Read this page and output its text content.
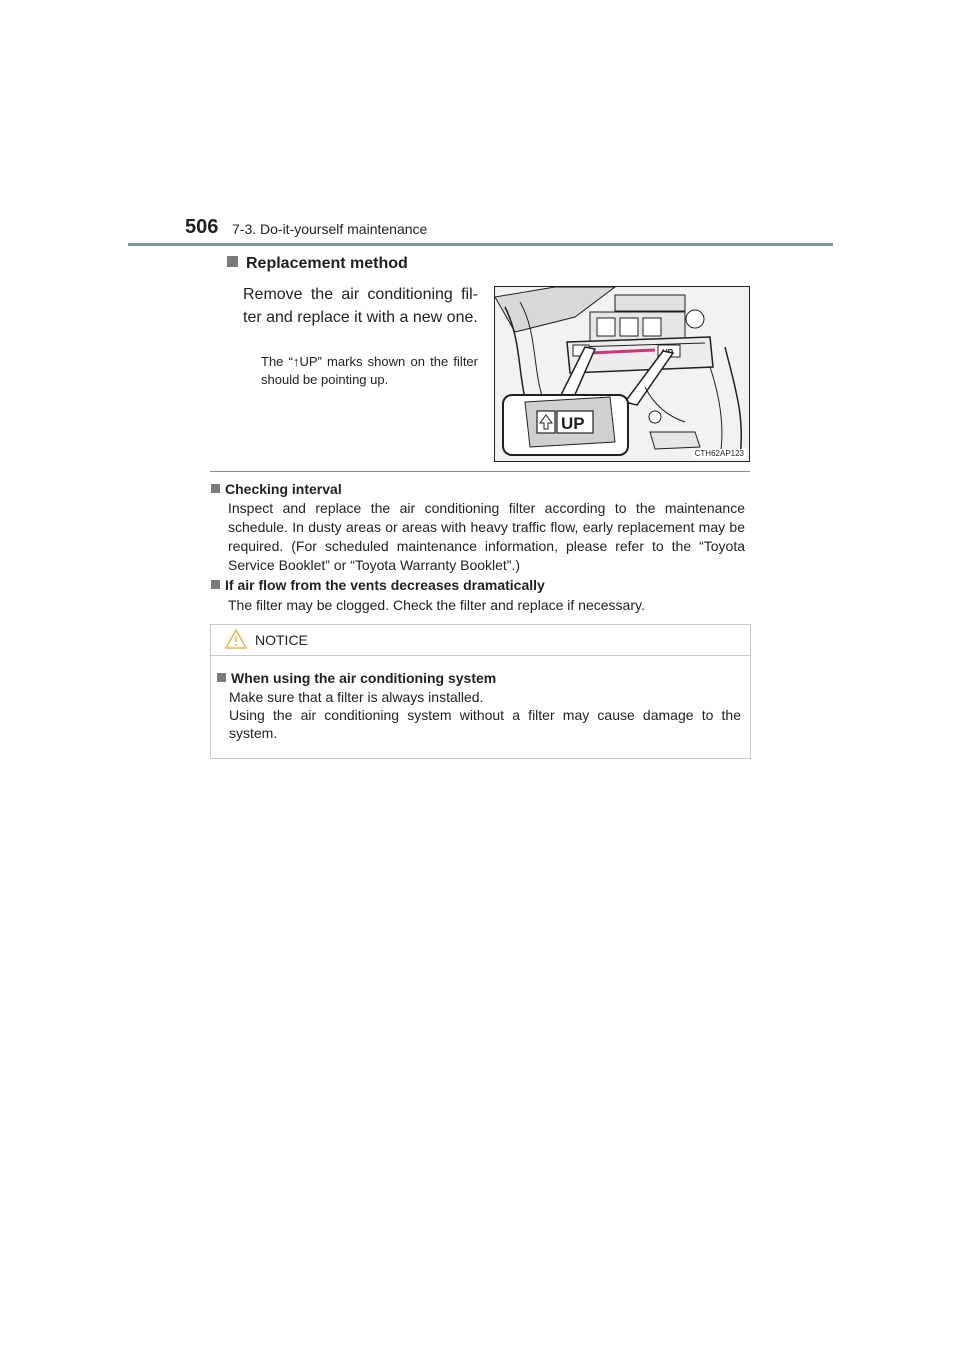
506 7-3. Do-it-yourself maintenance
Replacement method
Remove the air conditioning fil-ter and replace it with a new one.
The “↑UP” marks shown on the filter should be pointing up.
UP
CTH62AP123
Checking interval
Inspect and replace the air conditioning filter according to the maintenance schedule. In dusty areas or areas with heavy traffic flow, early replacement may be required. (For scheduled maintenance information, please refer to the “Toyota Service Booklet” or “Toyota Warranty Booklet”.)
If air flow from the vents decreases dramatically
The filter may be clogged. Check the filter and replace if necessary.
NOTICE
When using the air conditioning system

Make sure that a filter is always installed.

Using the air conditioning system without a filter may cause damage to the system.
